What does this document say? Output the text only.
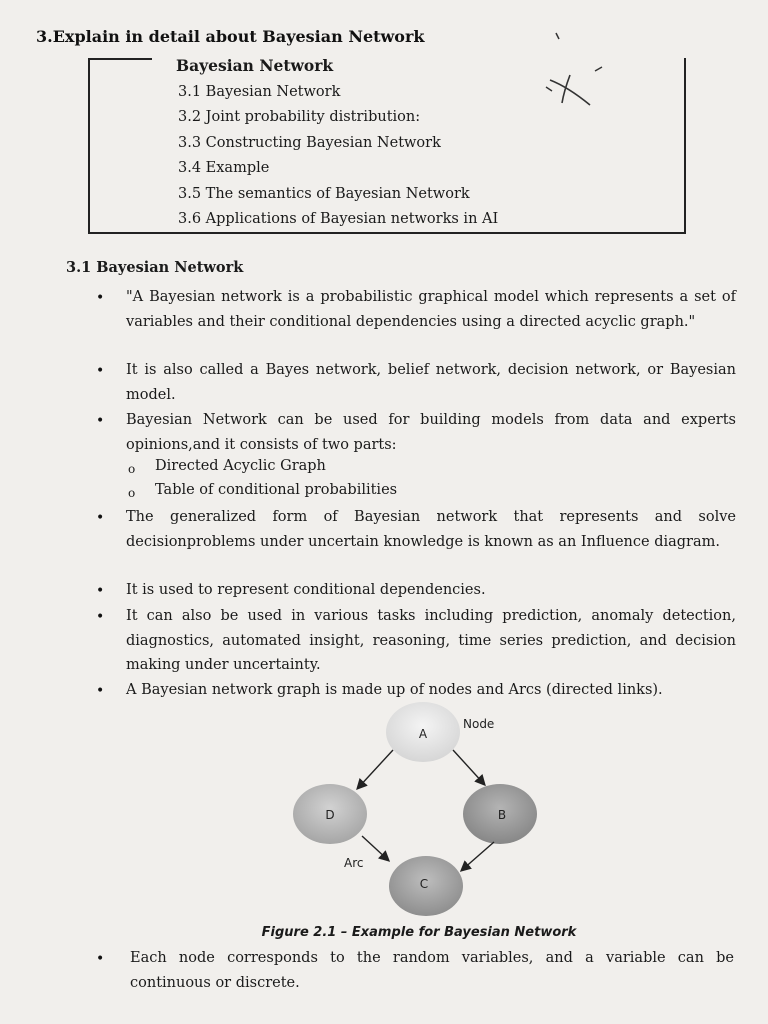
3.Explain in detail about Bayesian Network
Bayesian Network
3.1 Bayesian Network
3.2 Joint probability distribution:
3.3 Constructing Bayesian Network
3.4 Example
3.5 The semantics of Bayesian Network
3.6 Applications of Bayesian networks in AI
3.1 Bayesian Network
• "A Bayesian network is a probabilistic graphical model which represents a set of variables and their conditional dependencies using a directed acyclic graph."
• It is also called a Bayes network, belief network, decision network, or Bayesian model.
• Bayesian Network can be used for building models from data and experts opinions,and it consists of two parts:
o Directed Acyclic Graph
o Table of conditional probabilities
• The generalized form of Bayesian network that represents and solve decisionproblems under uncertain knowledge is known as an Influence diagram.
• It is used to represent conditional dependencies.
• It can also be used in various tasks including prediction, anomaly detection, diagnostics, automated insight, reasoning, time series prediction, and decision making under uncertainty.
• A Bayesian network graph is made up of nodes and Arcs (directed links).
A
D	B
C
Node
Arc
Figure 2.1 – Example for Bayesian Network
• Each node corresponds to the random variables, and a variable can be continuous or discrete.
